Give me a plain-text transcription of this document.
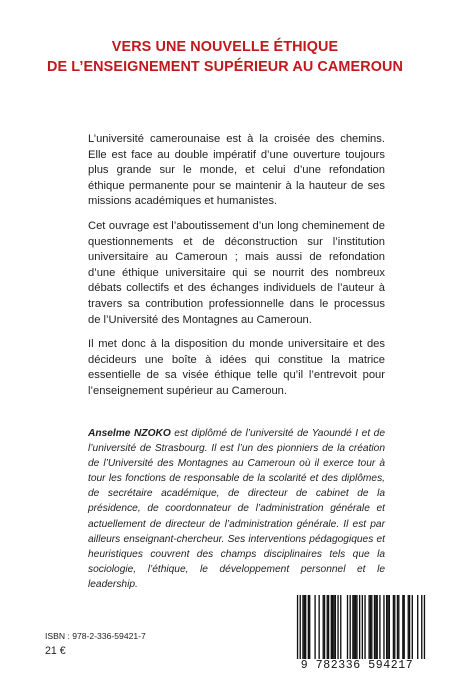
VERS UNE NOUVELLE ÉTHIQUE
DE L’ENSEIGNEMENT SUPÉRIEUR AU CAMEROUN

L’université camerounaise est à la croisée des chemins. Elle est face au double impératif d’une ouverture toujours plus grande sur le monde, et celui d’une refondation éthique permanente pour se maintenir à la hauteur de ses missions académiques et humanistes.

Cet ouvrage est l’aboutissement d’un long cheminement de questionnements et de déconstruction sur l’institution universitaire au Cameroun ; mais aussi de refondation d’une éthique universitaire qui se nourrit des nombreux débats collectifs et des échanges individuels de l’auteur à travers sa contribution professionnelle dans le processus de l’Université des Montagnes au Cameroun.

Il met donc à la disposition du monde universitaire et des décideurs une boîte à idées qui constitue la matrice essentielle de sa visée éthique telle qu’il l’entrevoit pour l’enseignement supérieur au Cameroun.

Anselme NZOKO est diplômé de l’université de Yaoundé I et de l’université de Strasbourg. Il est l’un des pionniers de la création de l’Université des Montagnes au Cameroun où il exerce tour à tour les fonctions de responsable de la scolarité et des diplômes, de secrétaire académique, de directeur de cabinet de la présidence, de coordonnateur de l’administration générale et actuellement de directeur de l’administration générale. Il est par ailleurs enseignant-chercheur. Ses interventions pédagogiques et heuristiques couvrent des champs disciplinaires tels que la sociologie, l’éthique, le développement personnel et le leadership.
ISBN : 978-2-336-59421-7
21 €
9 782336 594217
